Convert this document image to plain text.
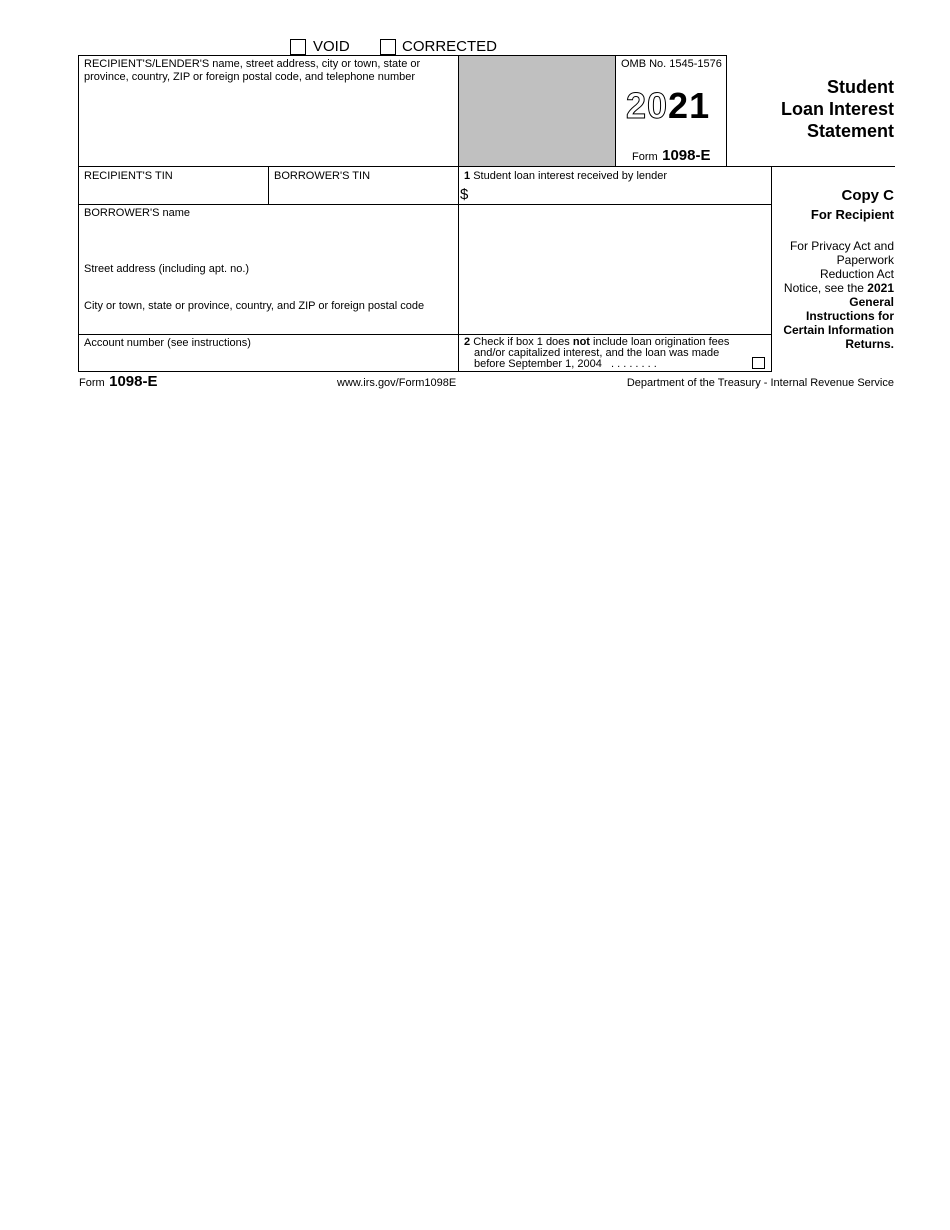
VOID	CORRECTED
RECIPIENT'S/LENDER'S name, street address, city or town, state or
province, country, ZIP or foreign postal code, and telephone number
OMB No. 1545-1576
2021
Form 1098-E
Student
Loan Interest
Statement
RECIPIENT'S TIN	BORROWER'S TIN	1 Student loan interest received by lender
$
BORROWER'S name
Street address (including apt. no.)
City or town, state or province, country, and ZIP or foreign postal code
Account number (see instructions)	2 Check if box 1 does not include loan origination fees
and/or capitalized interest, and the loan was made
before September 1, 2004 . . . . . . . .
Copy C
For Recipient
For Privacy Act and
Paperwork
Reduction Act
Notice, see the 2021
General
Instructions for
Certain Information
Returns.
Form 1098-E	www.irs.gov/Form1098E	Department of the Treasury - Internal Revenue Service
